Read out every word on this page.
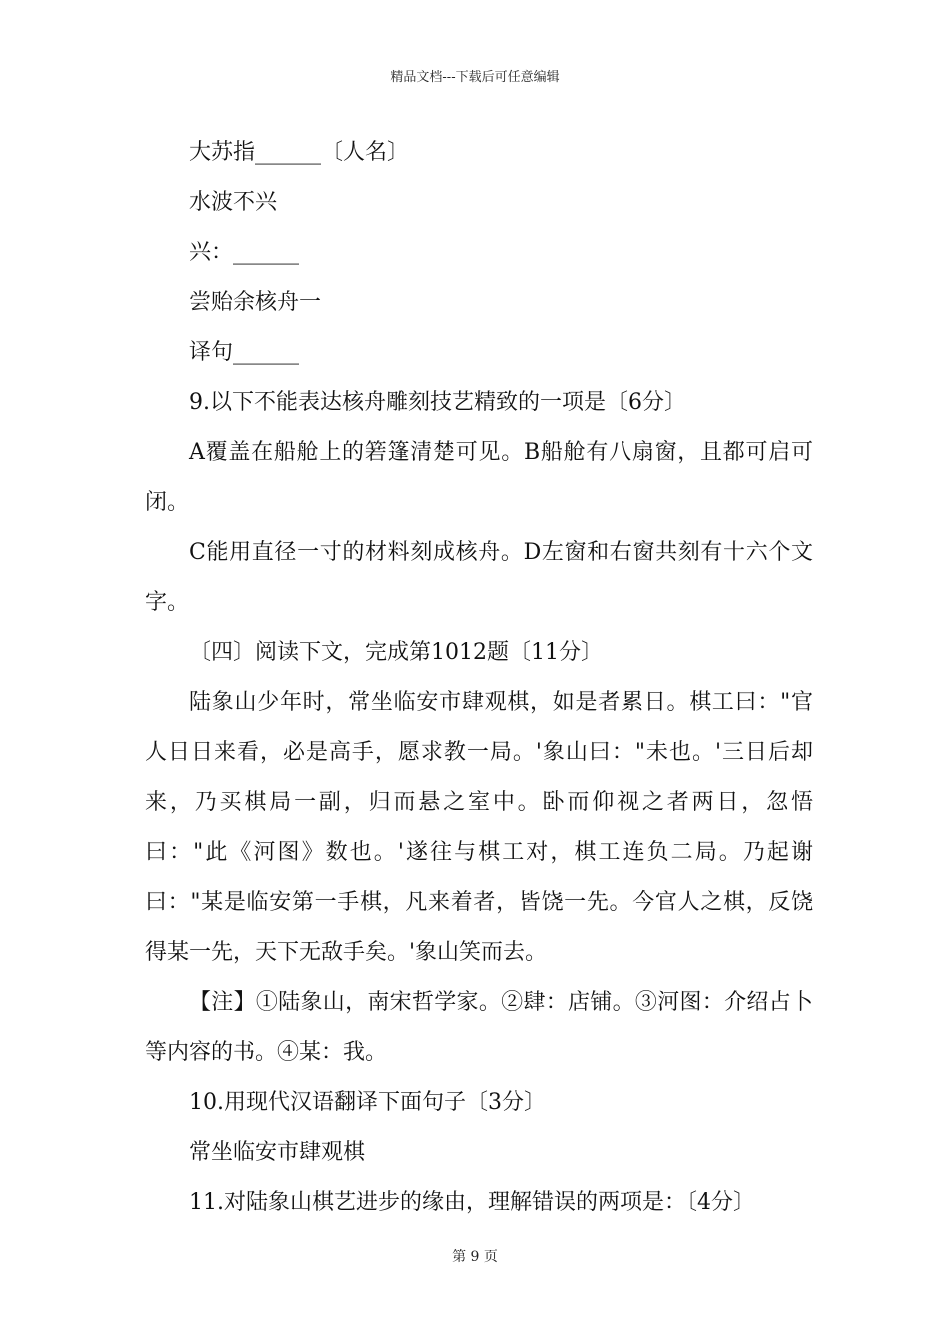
精品文档---下载后可任意编辑
大苏指______〔人名〕
水波不兴
兴：______
尝贻余核舟一
译句______
9.以下不能表达核舟雕刻技艺精致的一项是〔6分〕
A覆盖在船舱上的箬篷清楚可见。B船舱有八扇窗，且都可启可闭。
C能用直径一寸的材料刻成核舟。D左窗和右窗共刻有十六个文字。
〔四〕阅读下文，完成第1012题〔11分〕
陆象山少年时，常坐临安市肆观棋，如是者累日。棋工曰："官人日日来看，必是高手，愿求教一局。'象山曰："未也。'三日后却来，乃买棋局一副，归而悬之室中。卧而仰视之者两日，忽悟曰："此《河图》数也。'遂往与棋工对，棋工连负二局。乃起谢曰："某是临安第一手棋，凡来着者，皆饶一先。今官人之棋，反饶得某一先，天下无敌手矣。'象山笑而去。
【注】①陆象山，南宋哲学家。②肆：店铺。③河图：介绍占卜等内容的书。④某：我。
10.用现代汉语翻译下面句子〔3分〕
常坐临安市肆观棋
11.对陆象山棋艺进步的缘由，理解错误的两项是：〔4分〕
第 9 页
